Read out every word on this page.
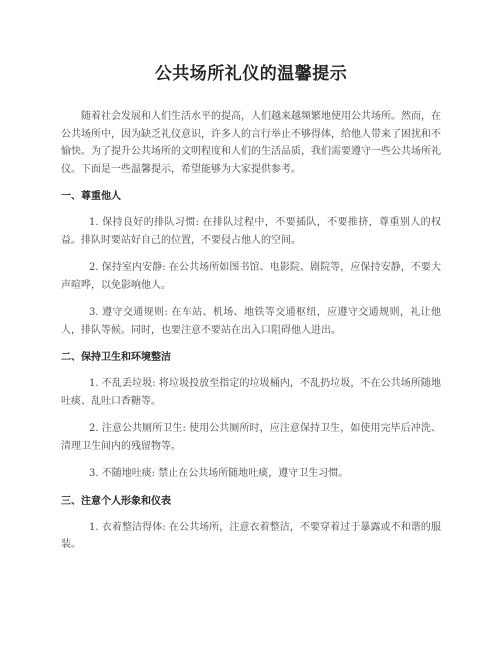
公共场所礼仪的温馨提示

随着社会发展和人们生活水平的提高，人们越来越频繁地使用公共场所。然而，在公共场所中，因为缺乏礼仪意识，许多人的言行举止不够得体，给他人带来了困扰和不愉快。为了提升公共场所的文明程度和人们的生活品质，我们需要遵守一些公共场所礼仪。下面是一些温馨提示，希望能够为大家提供参考。

一、尊重他人

1. 保持良好的排队习惯: 在排队过程中，不要插队，不要推挤，尊重别人的权益。排队时要站好自己的位置，不要侵占他人的空间。

2. 保持室内安静: 在公共场所如图书馆、电影院、剧院等，应保持安静，不要大声喧哗，以免影响他人。

3. 遵守交通规则: 在车站、机场、地铁等交通枢纽，应遵守交通规则，礼让他人，排队等候。同时，也要注意不要站在出入口阻碍他人进出。

二、保持卫生和环境整洁

1. 不乱丢垃圾: 将垃圾投放至指定的垃圾桶内，不乱扔垃圾，不在公共场所随地吐痰、乱吐口香糖等。

2. 注意公共厕所卫生: 使用公共厕所时，应注意保持卫生，如使用完毕后冲洗、清理卫生间内的残留物等。

3. 不随地吐痰: 禁止在公共场所随地吐痰，遵守卫生习惯。

三、注意个人形象和仪表

1. 衣着整洁得体: 在公共场所，注意衣着整洁，不要穿着过于暴露或不和谐的服装。
